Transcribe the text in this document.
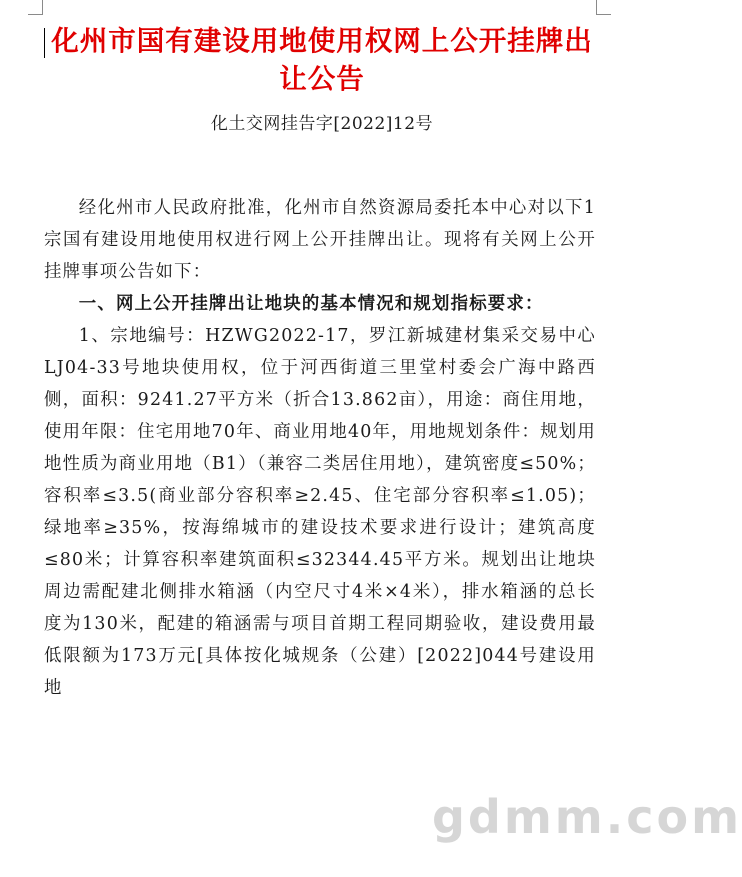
化州市国有建设用地使用权网上公开挂牌出让公告
化土交网挂告字[2022]12号

经化州市人民政府批准，化州市自然资源局委托本中心对以下1宗国有建设用地使用权进行网上公开挂牌出让。现将有关网上公开挂牌事项公告如下：

一、网上公开挂牌出让地块的基本情况和规划指标要求：

1、宗地编号：HZWG2022-17，罗江新城建材集采交易中心LJ04-33号地块使用权，位于河西街道三里堂村委会广海中路西侧，面积：9241.27平方米（折合13.862亩），用途：商住用地，使用年限：住宅用地70年、商业用地40年，用地规划条件：规划用地性质为商业用地（B1）（兼容二类居住用地），建筑密度≤50%；容积率≤3.5(商业部分容积率≥2.45、住宅部分容积率≤1.05)；绿地率≥35%，按海绵城市的建设技术要求进行设计；建筑高度≤80米；计算容积率建筑面积≤32344.45平方米。规划出让地块周边需配建北侧排水箱涵（内空尺寸4米×4米），排水箱涵的总长度为130米，配建的箱涵需与项目首期工程同期验收，建设费用最低限额为173万元[具体按化城规条（公建）[2022]044号建设用地

gdmm.com
